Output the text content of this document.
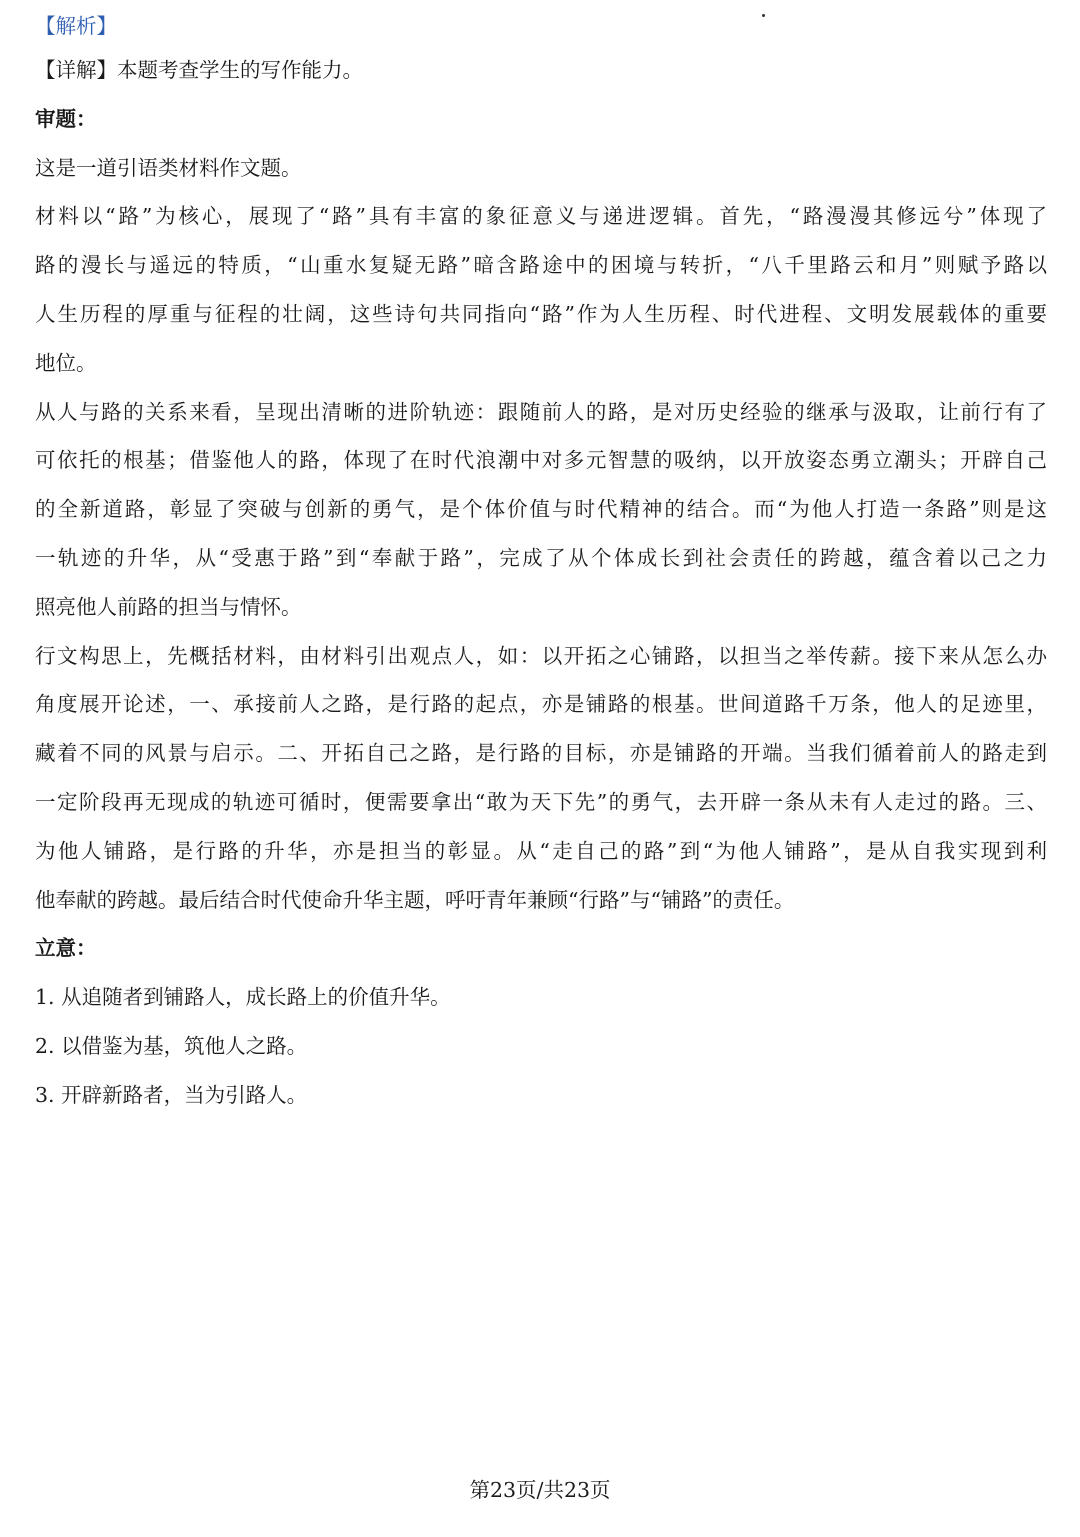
【解析】
【详解】本题考查学生的写作能力。
审题：
这是一道引语类材料作文题。
材料以“路”为核心，展现了“路”具有丰富的象征意义与递进逻辑。首先，“路漫漫其修远兮”体现了
路的漫长与遥远的特质，“山重水复疑无路”暗含路途中的困境与转折，“八千里路云和月”则赋予路以
人生历程的厚重与征程的壮阔，这些诗句共同指向“路”作为人生历程、时代进程、文明发展载体的重要
地位。
从人与路的关系来看，呈现出清晰的进阶轨迹：跟随前人的路，是对历史经验的继承与汲取，让前行有了
可依托的根基；借鉴他人的路，体现了在时代浪潮中对多元智慧的吸纳，以开放姿态勇立潮头；开辟自己
的全新道路，彰显了突破与创新的勇气，是个体价值与时代精神的结合。而“为他人打造一条路”则是这
一轨迹的升华，从“受惠于路”到“奉献于路”，完成了从个体成长到社会责任的跨越，蕴含着以己之力
照亮他人前路的担当与情怀。
行文构思上，先概括材料，由材料引出观点人，如：以开拓之心铺路，以担当之举传薪。接下来从怎么办
角度展开论述，一、承接前人之路，是行路的起点，亦是铺路的根基。世间道路千万条，他人的足迹里，
藏着不同的风景与启示。二、开拓自己之路，是行路的目标，亦是铺路的开端。当我们循着前人的路走到
一定阶段再无现成的轨迹可循时，便需要拿出“敢为天下先”的勇气，去开辟一条从未有人走过的路。三、
为他人铺路，是行路的升华，亦是担当的彰显。从“走自己的路”到“为他人铺路”，是从自我实现到利
他奉献的跨越。最后结合时代使命升华主题，呼吁青年兼顾“行路”与“铺路”的责任。
立意：
1. 从追随者到铺路人，成长路上的价值升华。
2. 以借鉴为基，筑他人之路。
3. 开辟新路者，当为引路人。
第23页/共23页
